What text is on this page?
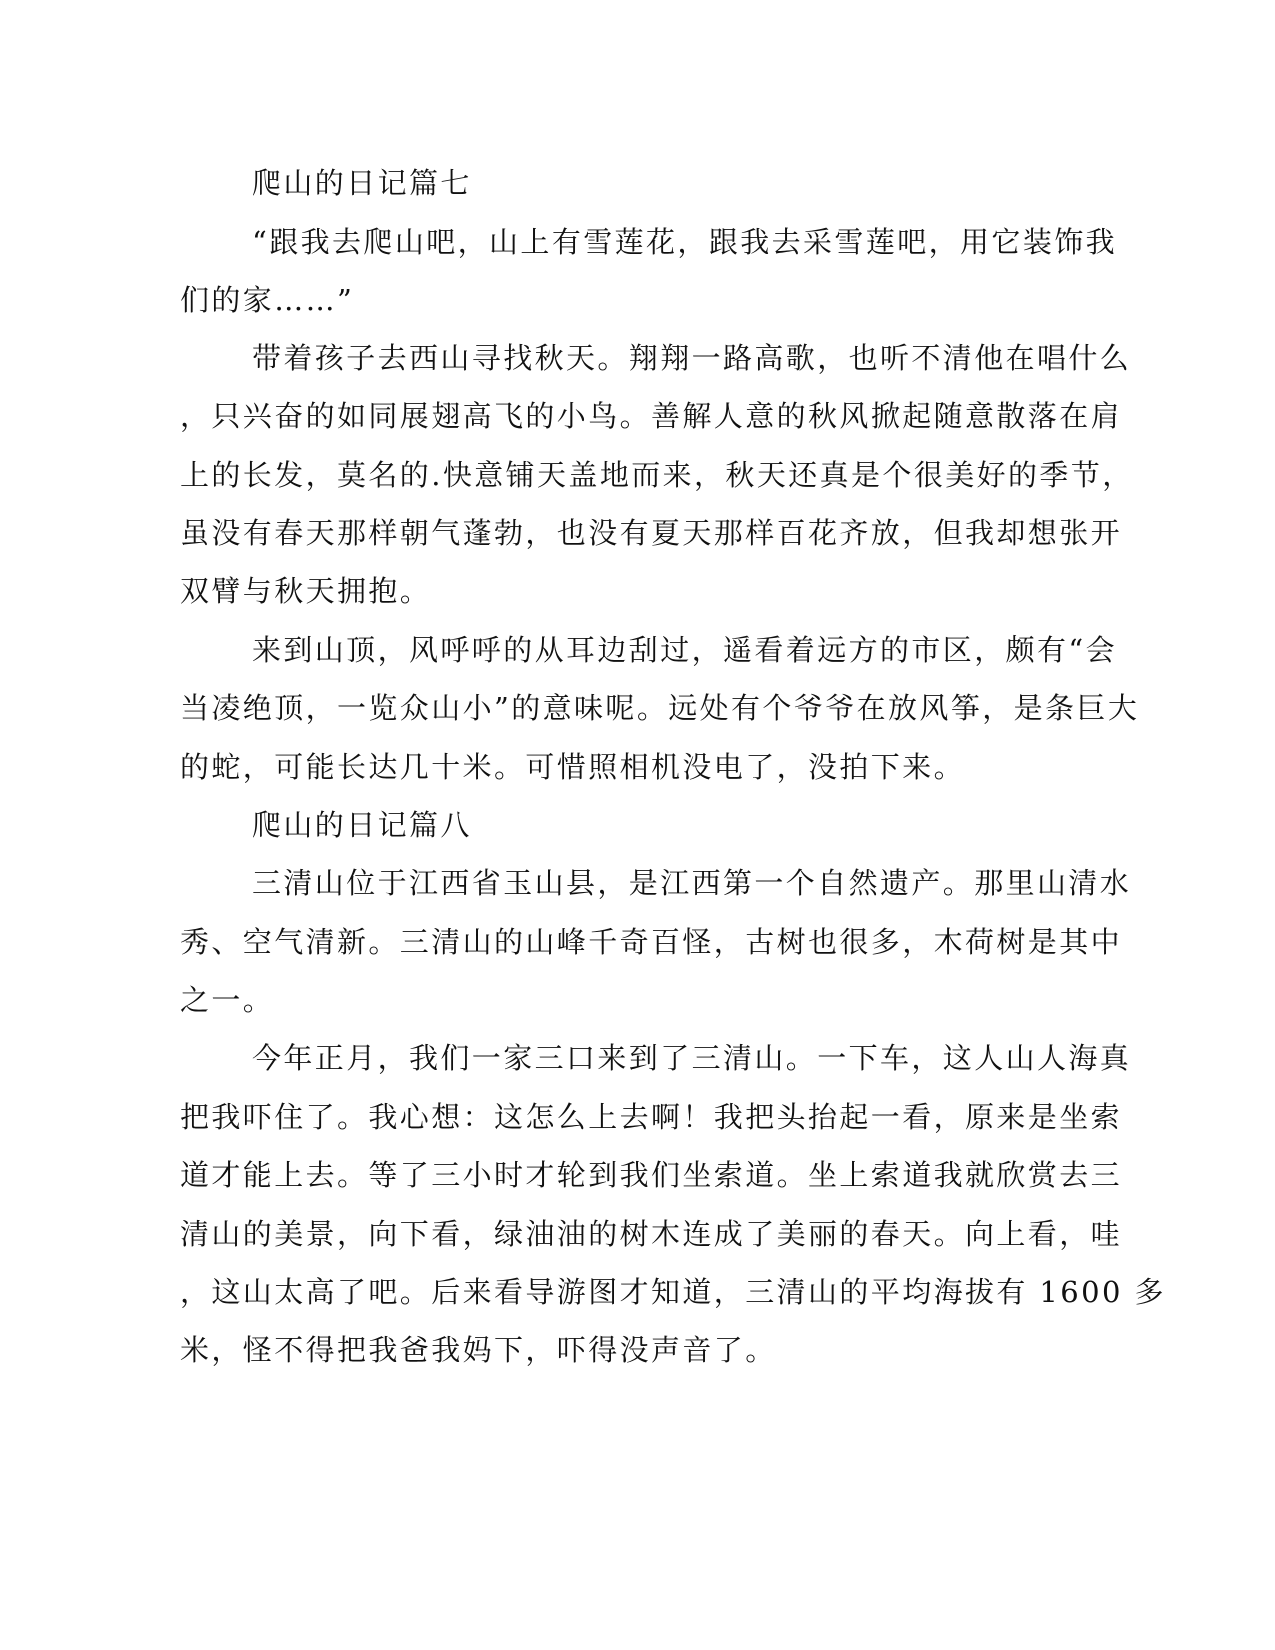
爬山的日记篇七
“跟我去爬山吧，山上有雪莲花，跟我去采雪莲吧，用它装饰我
们的家……”
带着孩子去西山寻找秋天。翔翔一路高歌，也听不清他在唱什么
，只兴奋的如同展翅高飞的小鸟。善解人意的秋风掀起随意散落在肩
上的长发，莫名的.快意铺天盖地而来，秋天还真是个很美好的季节，
虽没有春天那样朝气蓬勃，也没有夏天那样百花齐放，但我却想张开
双臂与秋天拥抱。
来到山顶，风呼呼的从耳边刮过，遥看着远方的市区，颇有“会
当凌绝顶，一览众山小”的意味呢。远处有个爷爷在放风筝，是条巨大
的蛇，可能长达几十米。可惜照相机没电了，没拍下来。
爬山的日记篇八
三清山位于江西省玉山县，是江西第一个自然遗产。那里山清水
秀、空气清新。三清山的山峰千奇百怪，古树也很多，木荷树是其中
之一。
今年正月，我们一家三口来到了三清山。一下车，这人山人海真
把我吓住了。我心想：这怎么上去啊！我把头抬起一看，原来是坐索
道才能上去。等了三小时才轮到我们坐索道。坐上索道我就欣赏去三
清山的美景，向下看，绿油油的树木连成了美丽的春天。向上看，哇
，这山太高了吧。后来看导游图才知道，三清山的平均海拔有 1600 多
米，怪不得把我爸我妈下，吓得没声音了。
